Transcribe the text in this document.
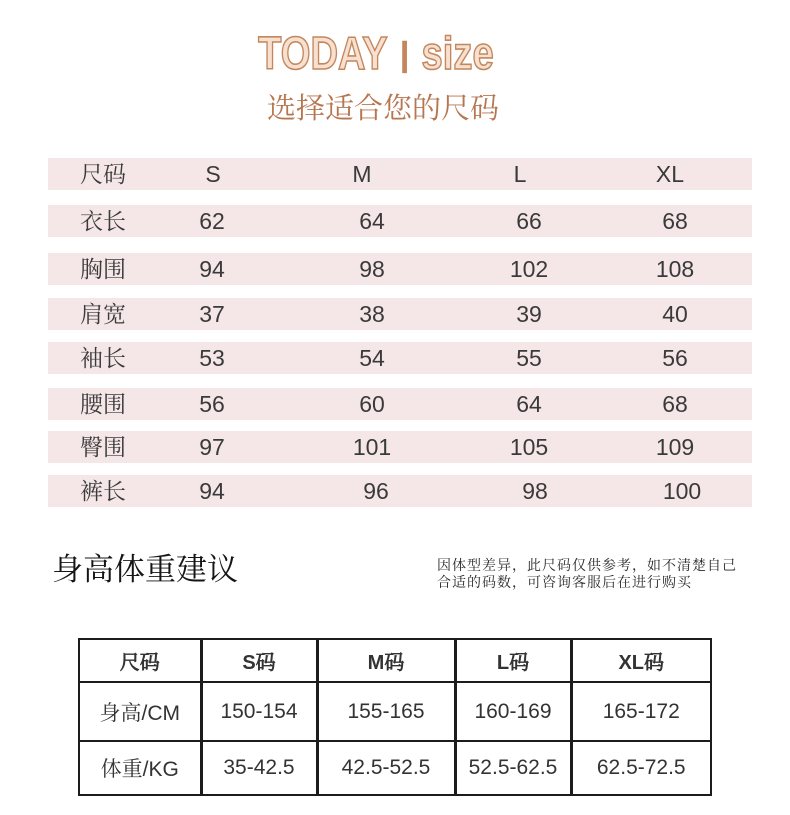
TODAY | size
选择适合您的尺码
尺码	S	M	L	XL
衣长	62	64	66	68
胸围	94	98	102	108
肩宽	37	38	39	40
袖长	53	54	55	56
腰围	56	60	64	68
臀围	97	101	105	109
裤长	94	96	98	100
身高体重建议	因体型差异，此尺码仅供参考，如不清楚自己
合适的码数，可咨询客服后在进行购买
尺码	S码	M码	L码	XL码
身高/CM	150-154	155-165	160-169	165-172
体重/KG	35-42.5	42.5-52.5	52.5-62.5	62.5-72.5
